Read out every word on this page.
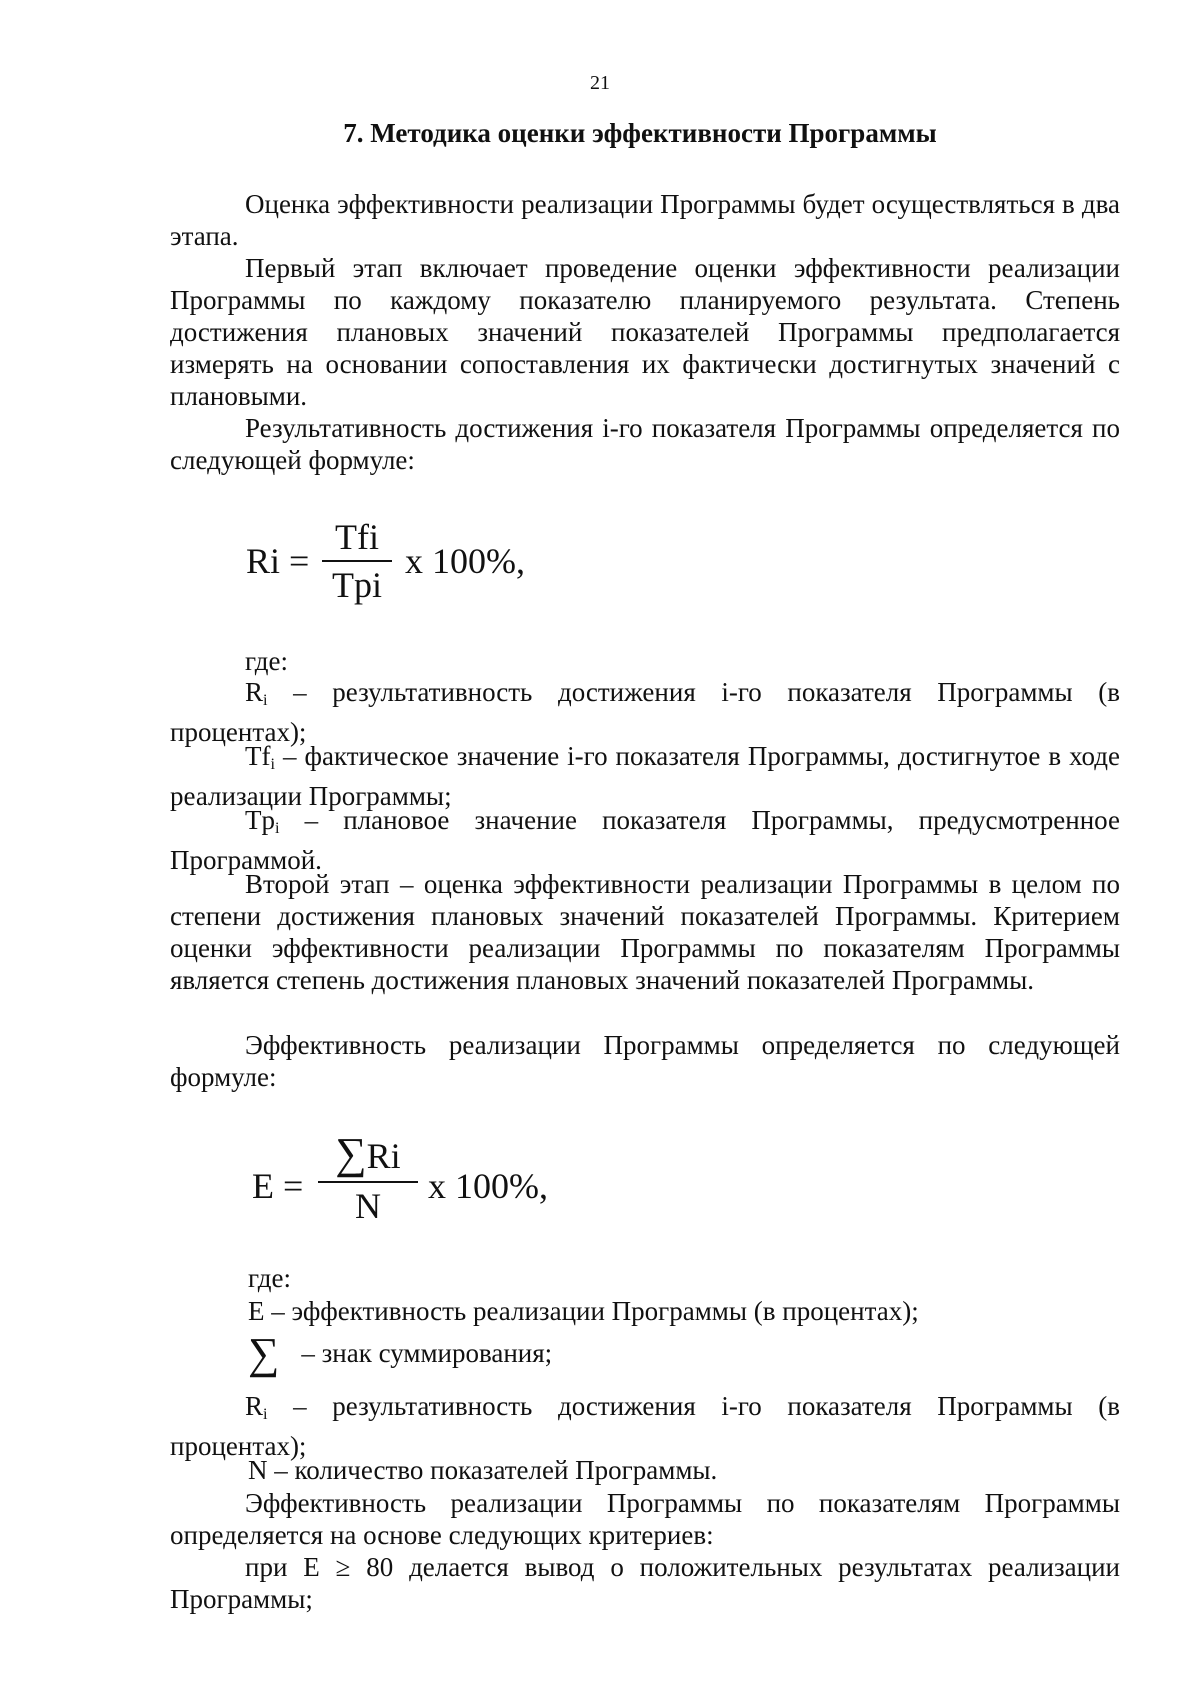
21
7. Методика оценки эффективности Программы
Оценка эффективности реализации Программы будет осуществляться в два этапа.
Первый этап включает проведение оценки эффективности реализации Программы по каждому показателю планируемого результата. Степень достижения плановых значений показателей Программы предполагается измерять на основании сопоставления их фактически достигнутых значений с плановыми.
Результативность достижения i-го показателя Программы определяется по следующей формуле:
Ri =
Tfi
Tpi
x 100%,
где:
$R_i$ – результативность достижения i-го показателя Программы (в процентах);
$Tf_i$ – фактическое значение i-го показателя Программы, достигнутое в ходе реализации Программы;
$Tp_i$ – плановое значение показателя Программы, предусмотренное Программой.
Второй этап – оценка эффективности реализации Программы в целом по степени достижения плановых значений показателей Программы. Критерием оценки эффективности реализации Программы по показателям Программы является степень достижения плановых значений показателей Программы.
Эффективность реализации Программы определяется по следующей формуле:
$E = \frac{\sum Ri}{N}$ x 100%,
где:
E – эффективность реализации Программы (в процентах);
∑ – знак суммирования;
$R_i$ – результативность достижения i-го показателя Программы (в процентах);
N – количество показателей Программы.
Эффективность реализации Программы по показателям Программы определяется на основе следующих критериев:
при E ≥ 80 делается вывод о положительных результатах реализации Программы;
